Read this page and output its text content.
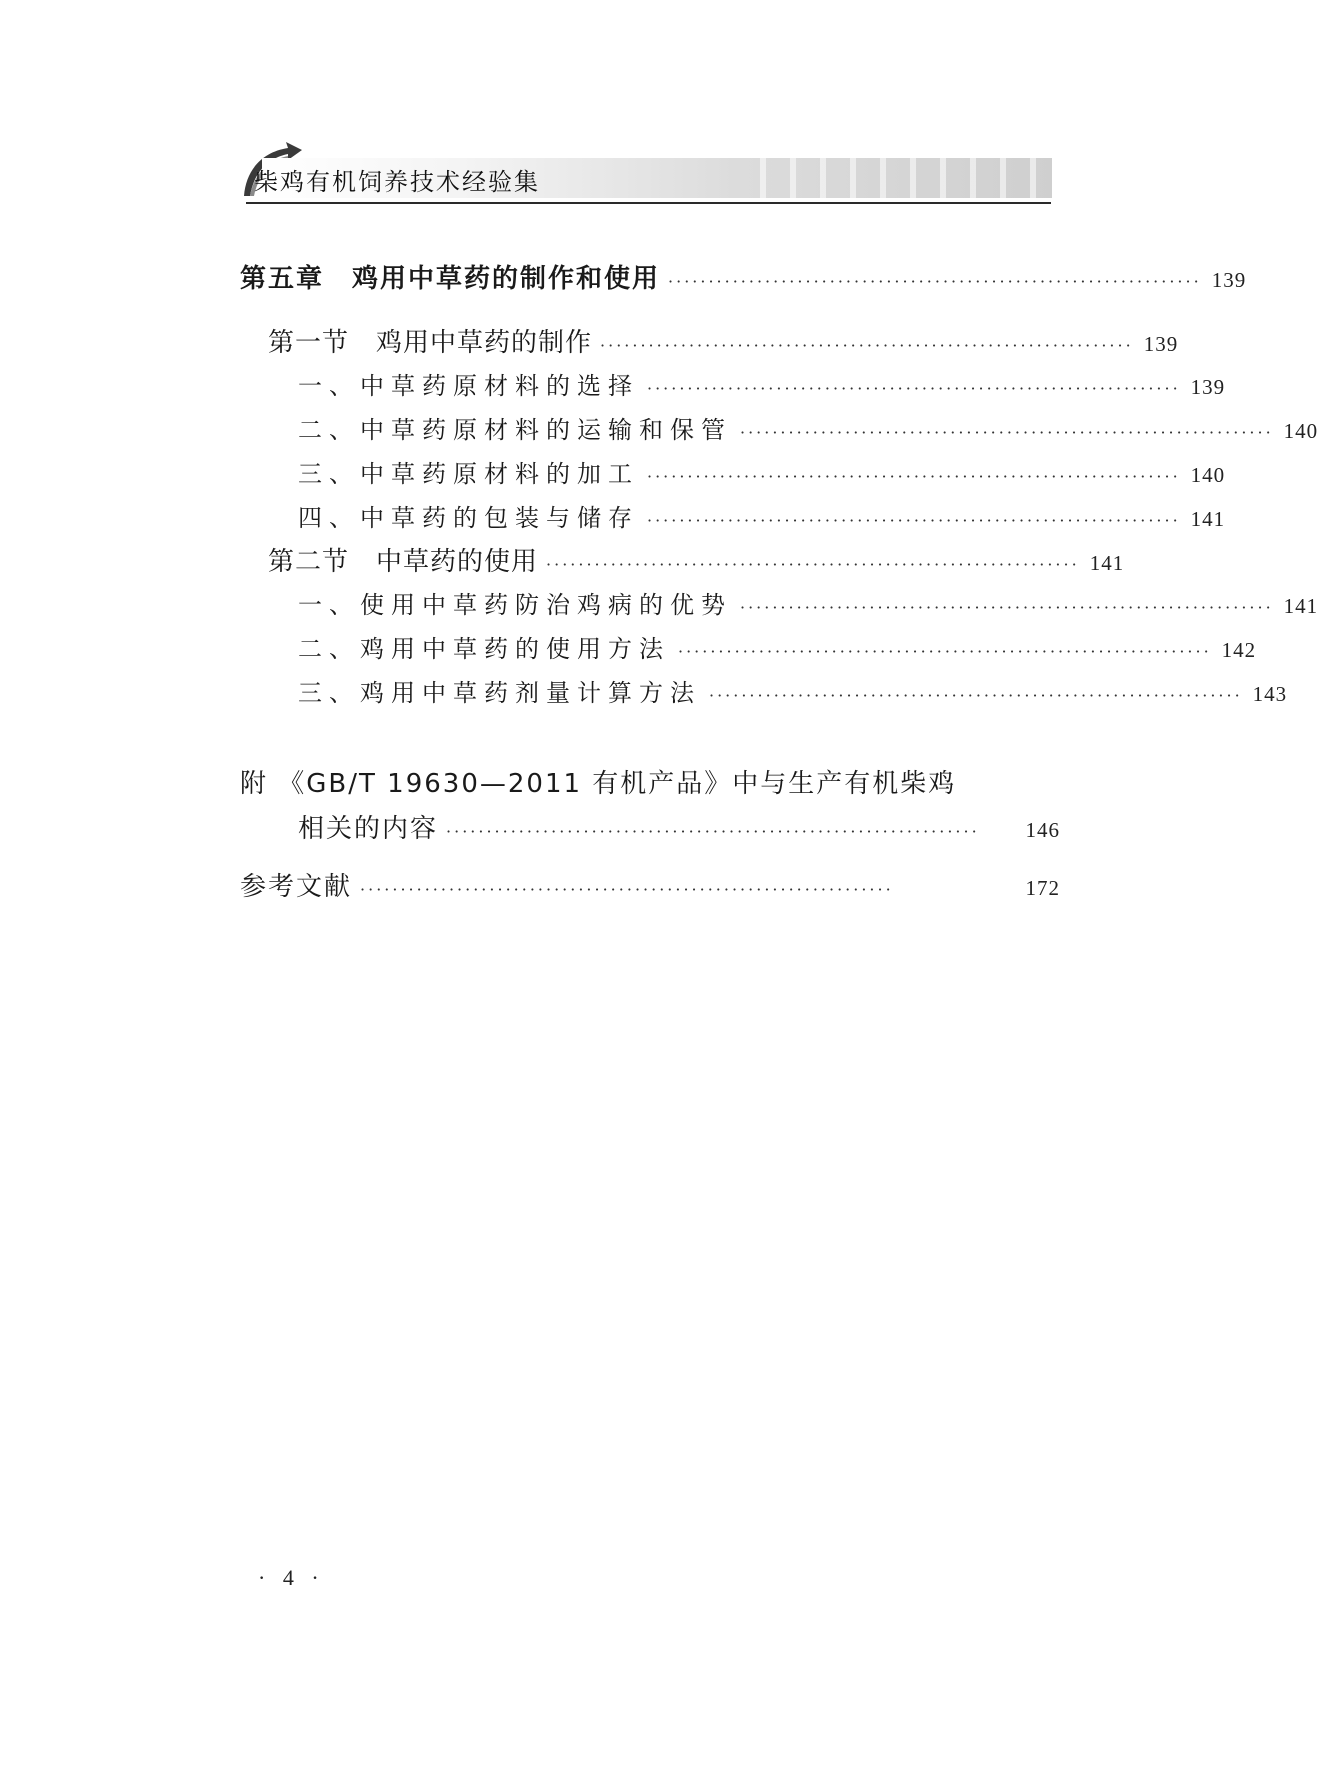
柴鸡有机饲养技术经验集
第五章　鸡用中草药的制作和使用 ·································································· 139
第一节　鸡用中草药的制作 ·································································· 139
一、中草药原材料的选择 ·································································· 139
二、中草药原材料的运输和保管 ·································································· 140
三、中草药原材料的加工 ·································································· 140
四、中草药的包装与储存 ·································································· 141
第二节　中草药的使用 ·································································· 141
一、使用中草药防治鸡病的优势 ·································································· 141
二、鸡用中草药的使用方法 ·································································· 142
三、鸡用中草药剂量计算方法 ·································································· 143
附 《GB/T 19630—2011 有机产品》中与生产有机柴鸡
相关的内容 ··································································	146
参考文献 ··································································	172
· 4 ·
